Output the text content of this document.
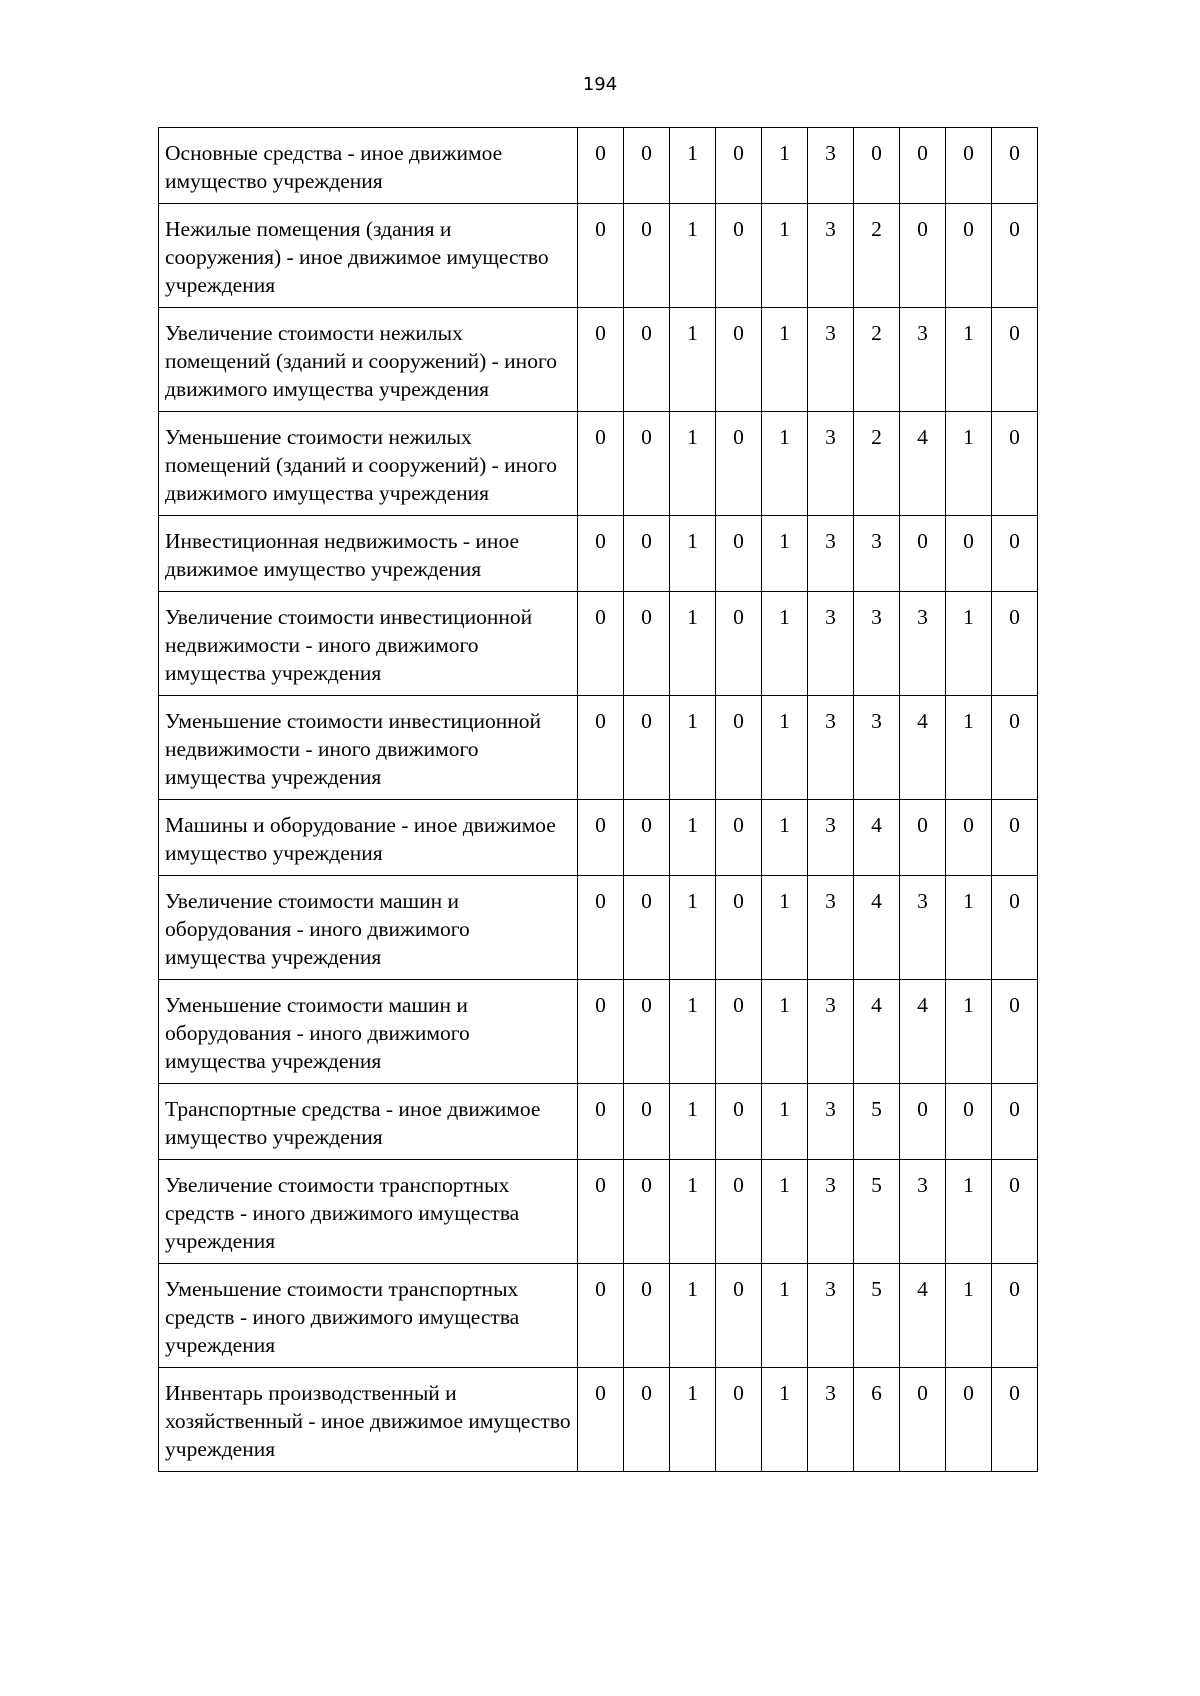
194
Основные средства - иное движимое имущество учреждения	0	0	1	0	1	3	0	0	0	0
Нежилые помещения (здания и сооружения) - иное движимое имущество учреждения	0	0	1	0	1	3	2	0	0	0
Увеличение стоимости нежилых помещений (зданий и сооружений) - иного движимого имущества учреждения	0	0	1	0	1	3	2	3	1	0
Уменьшение стоимости нежилых помещений (зданий и сооружений) - иного движимого имущества учреждения	0	0	1	0	1	3	2	4	1	0
Инвестиционная недвижимость - иное движимое имущество учреждения	0	0	1	0	1	3	3	0	0	0
Увеличение стоимости инвестиционной недвижимости - иного движимого имущества учреждения	0	0	1	0	1	3	3	3	1	0
Уменьшение стоимости инвестиционной недвижимости - иного движимого имущества учреждения	0	0	1	0	1	3	3	4	1	0
Машины и оборудование - иное движимое имущество учреждения	0	0	1	0	1	3	4	0	0	0
Увеличение стоимости машин и оборудования - иного движимого имущества учреждения	0	0	1	0	1	3	4	3	1	0
Уменьшение стоимости машин и оборудования - иного движимого имущества учреждения	0	0	1	0	1	3	4	4	1	0
Транспортные средства - иное движимое имущество учреждения	0	0	1	0	1	3	5	0	0	0
Увеличение стоимости транспортных средств - иного движимого имущества учреждения	0	0	1	0	1	3	5	3	1	0
Уменьшение стоимости транспортных средств - иного движимого имущества учреждения	0	0	1	0	1	3	5	4	1	0
Инвентарь производственный и хозяйственный - иное движимое имущество учреждения	0	0	1	0	1	3	6	0	0	0
